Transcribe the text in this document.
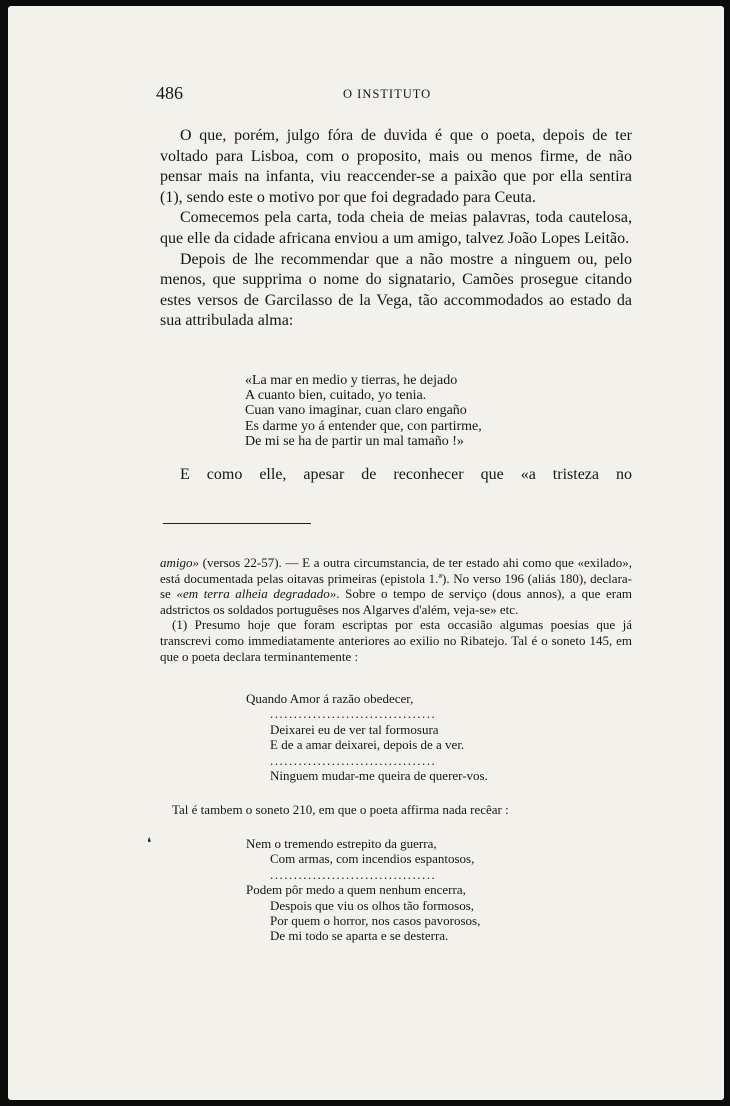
486	O INSTITUTO

O que, porém, julgo fóra de duvida é que o poeta, depois de ter voltado para Lisboa, com o proposito, mais ou menos firme, de não pensar mais na infanta, viu reaccender-se a paixão que por ella sentira (1), sendo este o motivo por que foi degradado para Ceuta.

Comecemos pela carta, toda cheia de meias palavras, toda cautelosa, que elle da cidade africana enviou a um amigo, talvez João Lopes Leitão.

Depois de lhe recommendar que a não mostre a ninguem ou, pelo menos, que supprima o nome do signatario, Camões prosegue citando estes versos de Garcilasso de la Vega, tão accommodados ao estado da sua attribulada alma:

«La mar en medio y tierras, he dejado
A cuanto bien, cuitado, yo tenia.
Cuan vano imaginar, cuan claro engaño
Es darme yo á entender que, con partirme,
De mi se ha de partir un mal tamaño !»
E como elle, apesar de reconhecer que «a tristeza no

amigo» (versos 22-57). — E a outra circumstancia, de ter estado ahi como que «exilado», está documentada pelas oitavas primeiras (epistola 1.ª). No verso 196 (aliás 180), declara-se «em terra alheia degradado». Sobre o tempo de serviço (dous annos), a que eram adstrictos os soldados portuguêses nos Algarves d'além, veja-se» etc.

(1) Presumo hoje que foram escriptas por esta occasião algumas poesias que já transcrevi como immediatamente anteriores ao exilio no Ribatejo. Tal é o soneto 145, em que o poeta declara terminantemente :

Quando Amor á razão obedecer,
...................................
Deixarei eu de ver tal formosura
E de a amar deixarei, depois de a ver.
...................................
Ninguem mudar-me queira de querer-vos.
Tal é tambem o soneto 210, em que o poeta affirma nada recêar :
❛	Nem o tremendo estrepito da guerra,
Com armas, com incendios espantosos,
...................................
Podem pôr medo a quem nenhum encerra,
Despois que viu os olhos tão formosos,
Por quem o horror, nos casos pavorosos,
De mi todo se aparta e se desterra.
